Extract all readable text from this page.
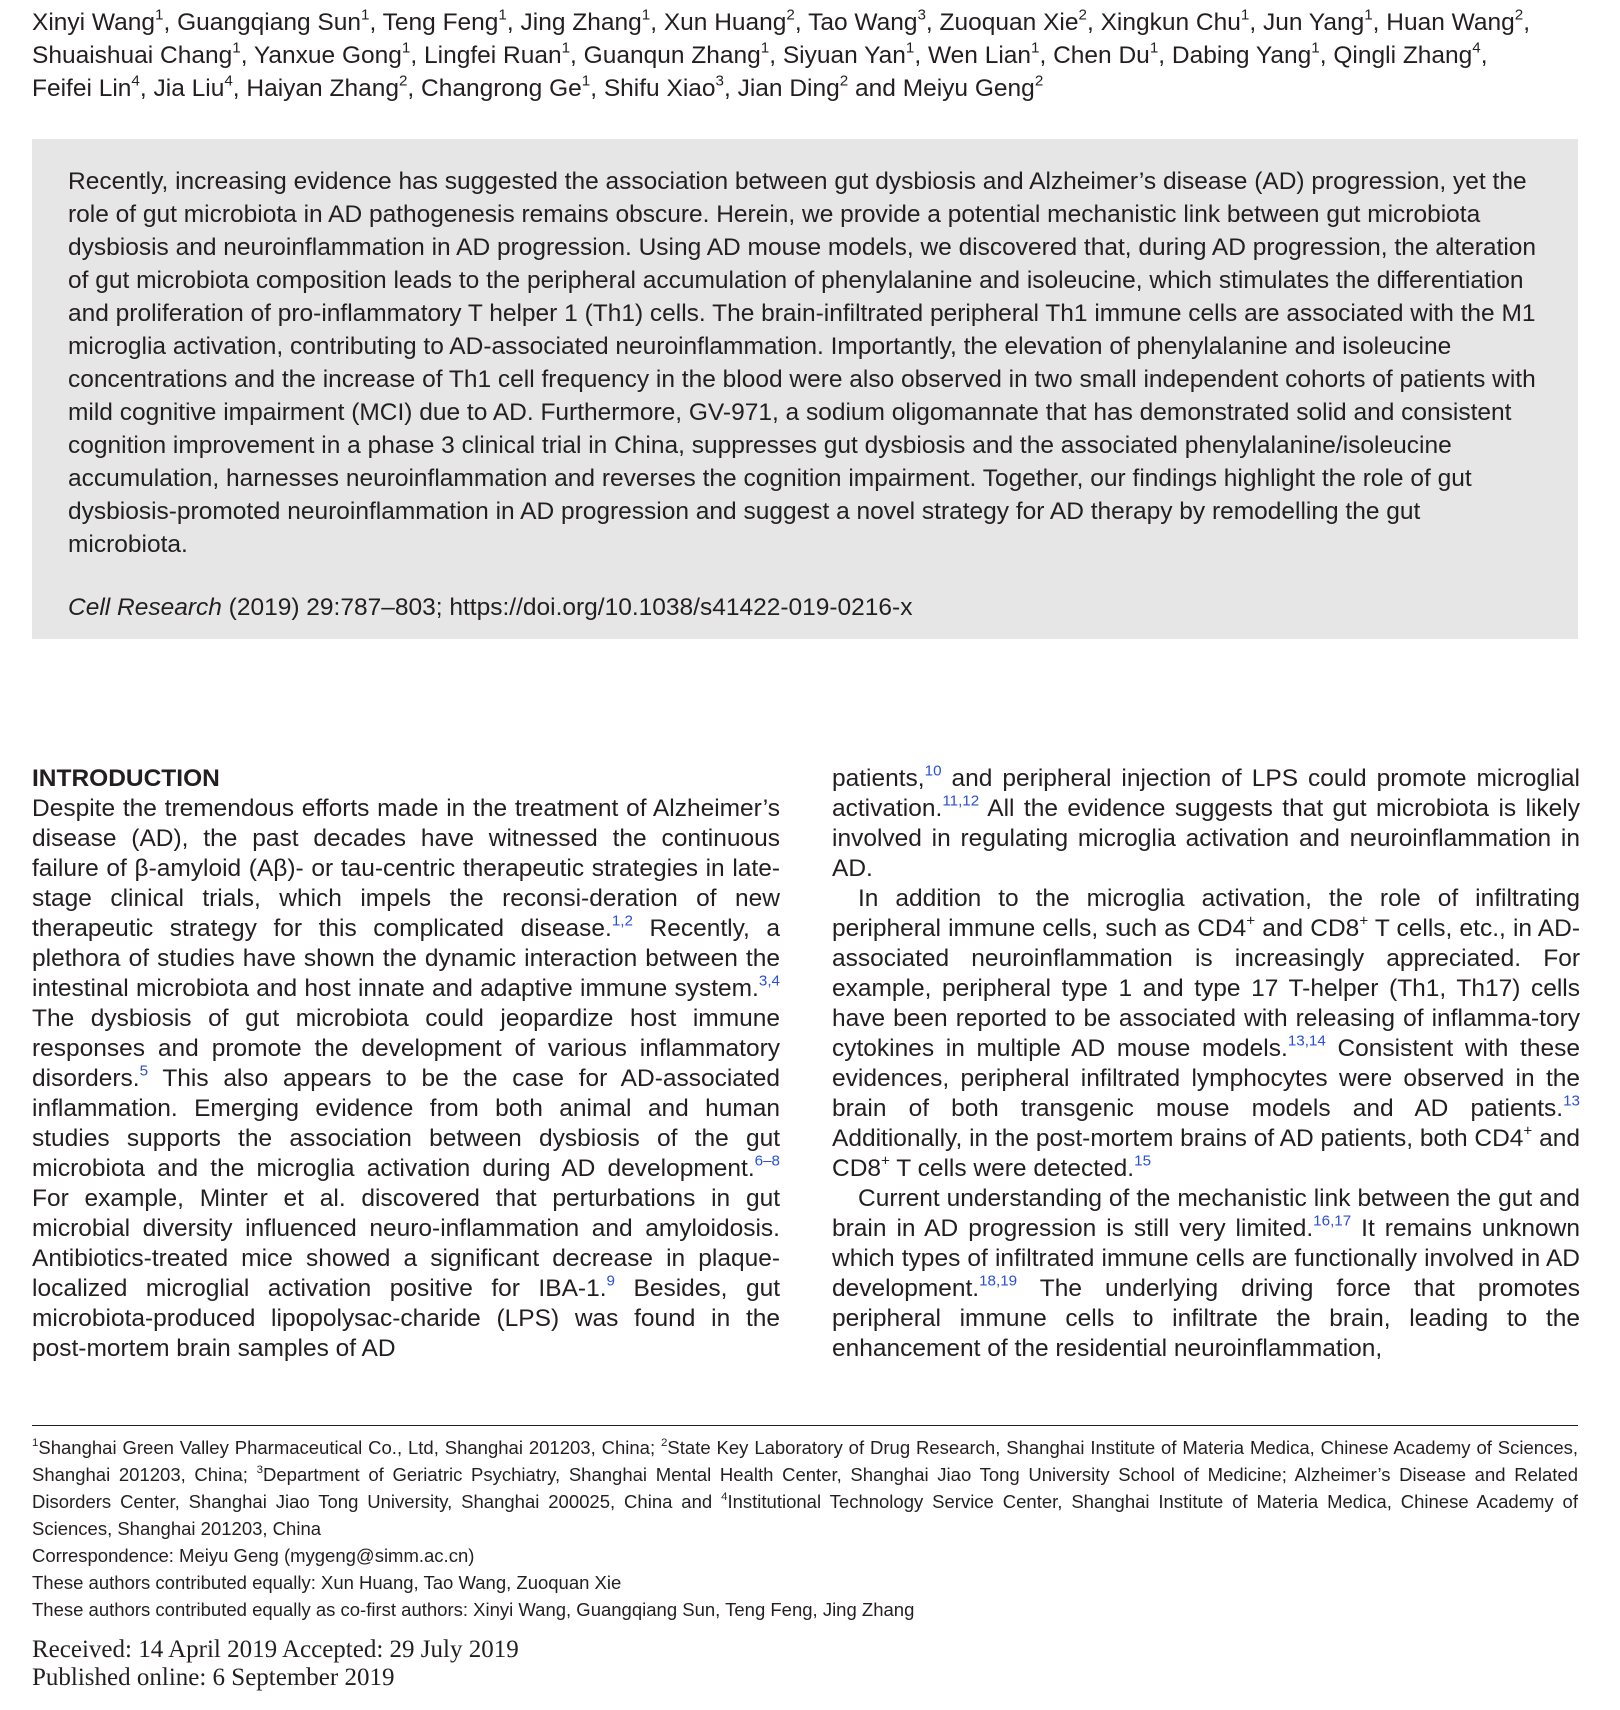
Xinyi Wang$^1$, Guangqiang Sun$^1$, Teng Feng$^1$, Jing Zhang$^1$, Xun Huang$^2$, Tao Wang$^3$, Zuoquan Xie$^2$, Xingkun Chu$^1$, Jun Yang$^1$, Huan Wang$^2$, Shuaishuai Chang$^1$, Yanxue Gong$^1$, Lingfei Ruan$^1$, Guanqun Zhang$^1$, Siyuan Yan$^1$, Wen Lian$^1$, Chen Du$^1$, Dabing Yang$^1$, Qingli Zhang$^4$, Feifei Lin$^4$, Jia Liu$^4$, Haiyan Zhang$^2$, Changrong Ge$^1$, Shifu Xiao$^3$, Jian Ding$^2$ and Meiyu Geng$^2$

Recently, increasing evidence has suggested the association between gut dysbiosis and Alzheimer’s disease (AD) progression, yet the role of gut microbiota in AD pathogenesis remains obscure. Herein, we provide a potential mechanistic link between gut microbiota dysbiosis and neuroinflammation in AD progression. Using AD mouse models, we discovered that, during AD progression, the alteration of gut microbiota composition leads to the peripheral accumulation of phenylalanine and isoleucine, which stimulates the differentiation and proliferation of pro-inflammatory T helper 1 (Th1) cells. The brain-infiltrated peripheral Th1 immune cells are associated with the M1 microglia activation, contributing to AD-associated neuroinflammation. Importantly, the elevation of phenylalanine and isoleucine concentrations and the increase of Th1 cell frequency in the blood were also observed in two small independent cohorts of patients with mild cognitive impairment (MCI) due to AD. Furthermore, GV-971, a sodium oligomannate that has demonstrated solid and consistent cognition improvement in a phase 3 clinical trial in China, suppresses gut dysbiosis and the associated phenylalanine/isoleucine accumulation, harnesses neuroinflammation and reverses the cognition impairment. Together, our findings highlight the role of gut dysbiosis-promoted neuroinflammation in AD progression and suggest a novel strategy for AD therapy by remodelling the gut microbiota.

Cell Research (2019) 29:787–803; https://doi.org/10.1038/s41422-019-0216-x

INTRODUCTION

Despite the tremendous efforts made in the treatment of Alzheimer’s disease (AD), the past decades have witnessed the continuous failure of β-amyloid (Aβ)- or tau-centric therapeutic strategies in late-stage clinical trials, which impels the reconsi-deration of new therapeutic strategy for this complicated disease.$^{1,2}$ Recently, a plethora of studies have shown the dynamic interaction between the intestinal microbiota and host innate and adaptive immune system.$^{3,4}$ The dysbiosis of gut microbiota could jeopardize host immune responses and promote the development of various inflammatory disorders.$^5$ This also appears to be the case for AD-associated inflammation. Emerging evidence from both animal and human studies supports the association between dysbiosis of the gut microbiota and the microglia activation during AD development.$^{6-8}$ For example, Minter et al. discovered that perturbations in gut microbial diversity influenced neuro-inflammation and amyloidosis. Antibiotics-treated mice showed a significant decrease in plaque-localized microglial activation positive for IBA-1.$^9$ Besides, gut microbiota-produced lipopolysac-charide (LPS) was found in the post-mortem brain samples of AD

patients,$^{10}$ and peripheral injection of LPS could promote microglial activation.$^{11,12}$ All the evidence suggests that gut microbiota is likely involved in regulating microglia activation and neuroinflammation in AD.

In addition to the microglia activation, the role of infiltrating peripheral immune cells, such as CD4+ and CD8+ T cells, etc., in AD-associated neuroinflammation is increasingly appreciated. For example, peripheral type 1 and type 17 T-helper (Th1, Th17) cells have been reported to be associated with releasing of inflamma-tory cytokines in multiple AD mouse models.$^{13,14}$ Consistent with these evidences, peripheral infiltrated lymphocytes were observed in the brain of both transgenic mouse models and AD patients.$^{13}$ Additionally, in the post-mortem brains of AD patients, both CD4+ and CD8+ T cells were detected.$^{15}$

Current understanding of the mechanistic link between the gut and brain in AD progression is still very limited.$^{16,17}$ It remains unknown which types of infiltrated immune cells are functionally involved in AD development.$^{18,19}$ The underlying driving force that promotes peripheral immune cells to infiltrate the brain, leading to the enhancement of the residential neuroinflammation,

$^1$Shanghai Green Valley Pharmaceutical Co., Ltd, Shanghai 201203, China; $^2$State Key Laboratory of Drug Research, Shanghai Institute of Materia Medica, Chinese Academy of Sciences, Shanghai 201203, China; $^3$Department of Geriatric Psychiatry, Shanghai Mental Health Center, Shanghai Jiao Tong University School of Medicine; Alzheimer’s Disease and Related Disorders Center, Shanghai Jiao Tong University, Shanghai 200025, China and $^4$Institutional Technology Service Center, Shanghai Institute of Materia Medica, Chinese Academy of Sciences, Shanghai 201203, China

Correspondence: Meiyu Geng (mygeng@simm.ac.cn)

These authors contributed equally: Xun Huang, Tao Wang, Zuoquan Xie

These authors contributed equally as co-first authors: Xinyi Wang, Guangqiang Sun, Teng Feng, Jing Zhang

Received: 14 April 2019 Accepted: 29 July 2019

Published online: 6 September 2019
